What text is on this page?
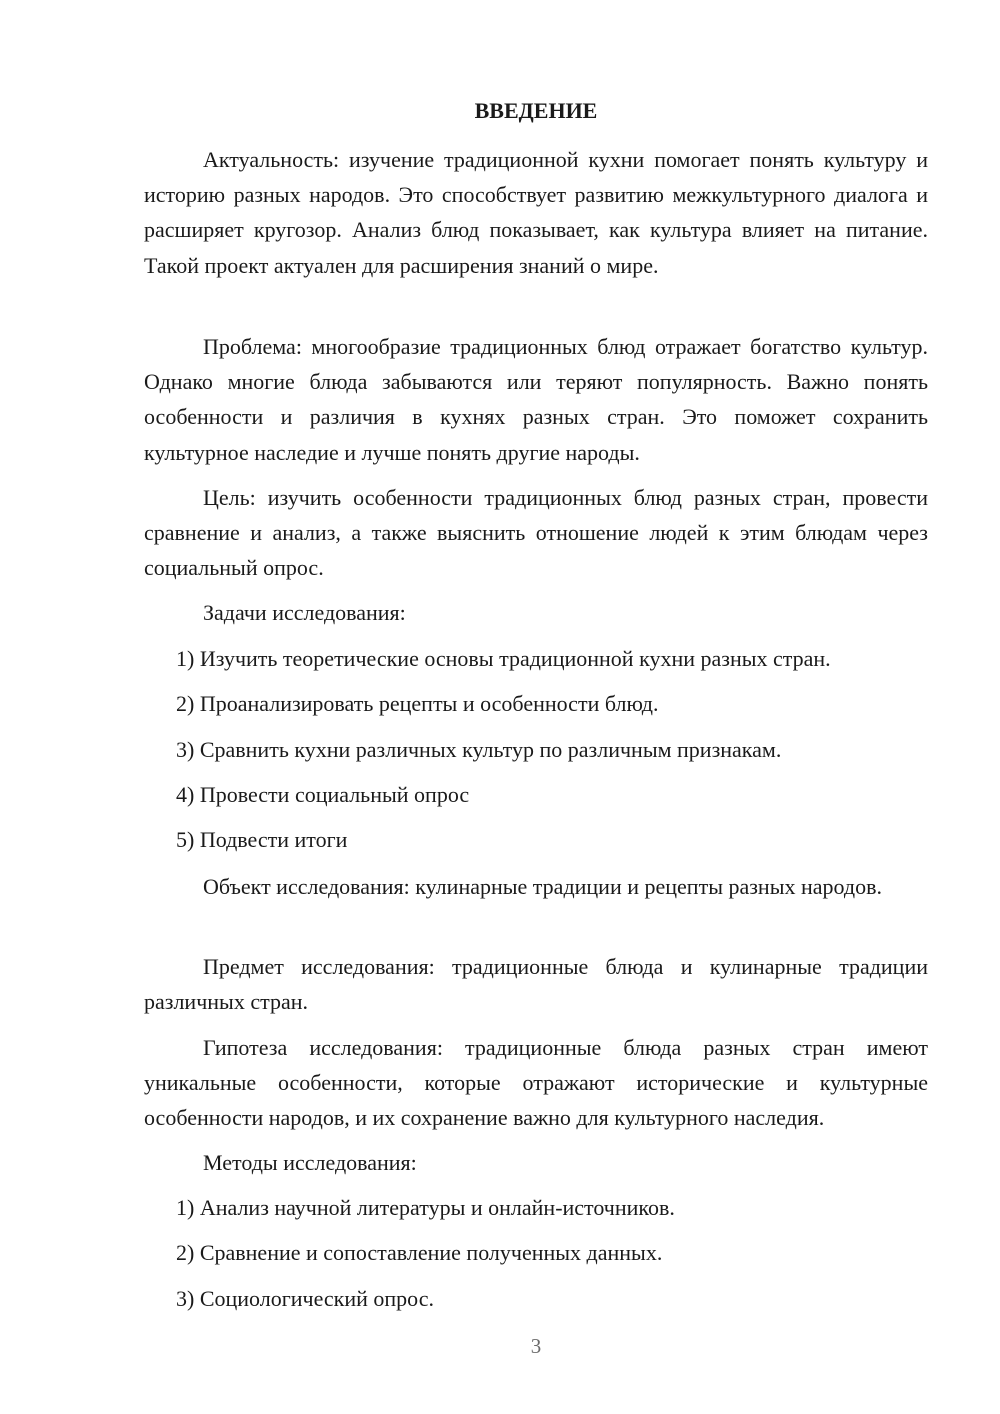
ВВЕДЕНИЕ

Актуальность: изучение традиционной кухни помогает понять культуру и историю разных народов. Это способствует развитию межкультурного диалога и расширяет кругозор. Анализ блюд показывает, как культура влияет на питание. Такой проект актуален для расширения знаний о мире.

Проблема: многообразие традиционных блюд отражает богатство культур. Однако многие блюда забываются или теряют популярность. Важно понять особенности и различия в кухнях разных стран. Это поможет сохранить культурное наследие и лучше понять другие народы.

Цель: изучить особенности традиционных блюд разных стран, провести сравнение и анализ, а также выяснить отношение людей к этим блюдам через социальный опрос.

Задачи исследования:
1) Изучить теоретические основы традиционной кухни разных стран.
2) Проанализировать рецепты и особенности блюд.
3) Сравнить кухни различных культур по различным признакам.
4) Провести социальный опрос
5) Подвести итоги

Объект исследования: кулинарные традиции и рецепты разных народов.

Предмет исследования: традиционные блюда и кулинарные традиции различных стран.

Гипотеза исследования: традиционные блюда разных стран имеют уникальные особенности, которые отражают исторические и культурные особенности народов, и их сохранение важно для культурного наследия.

Методы исследования:
1) Анализ научной литературы и онлайн-источников.
2) Сравнение и сопоставление полученных данных.
3) Социологический опрос.
3
